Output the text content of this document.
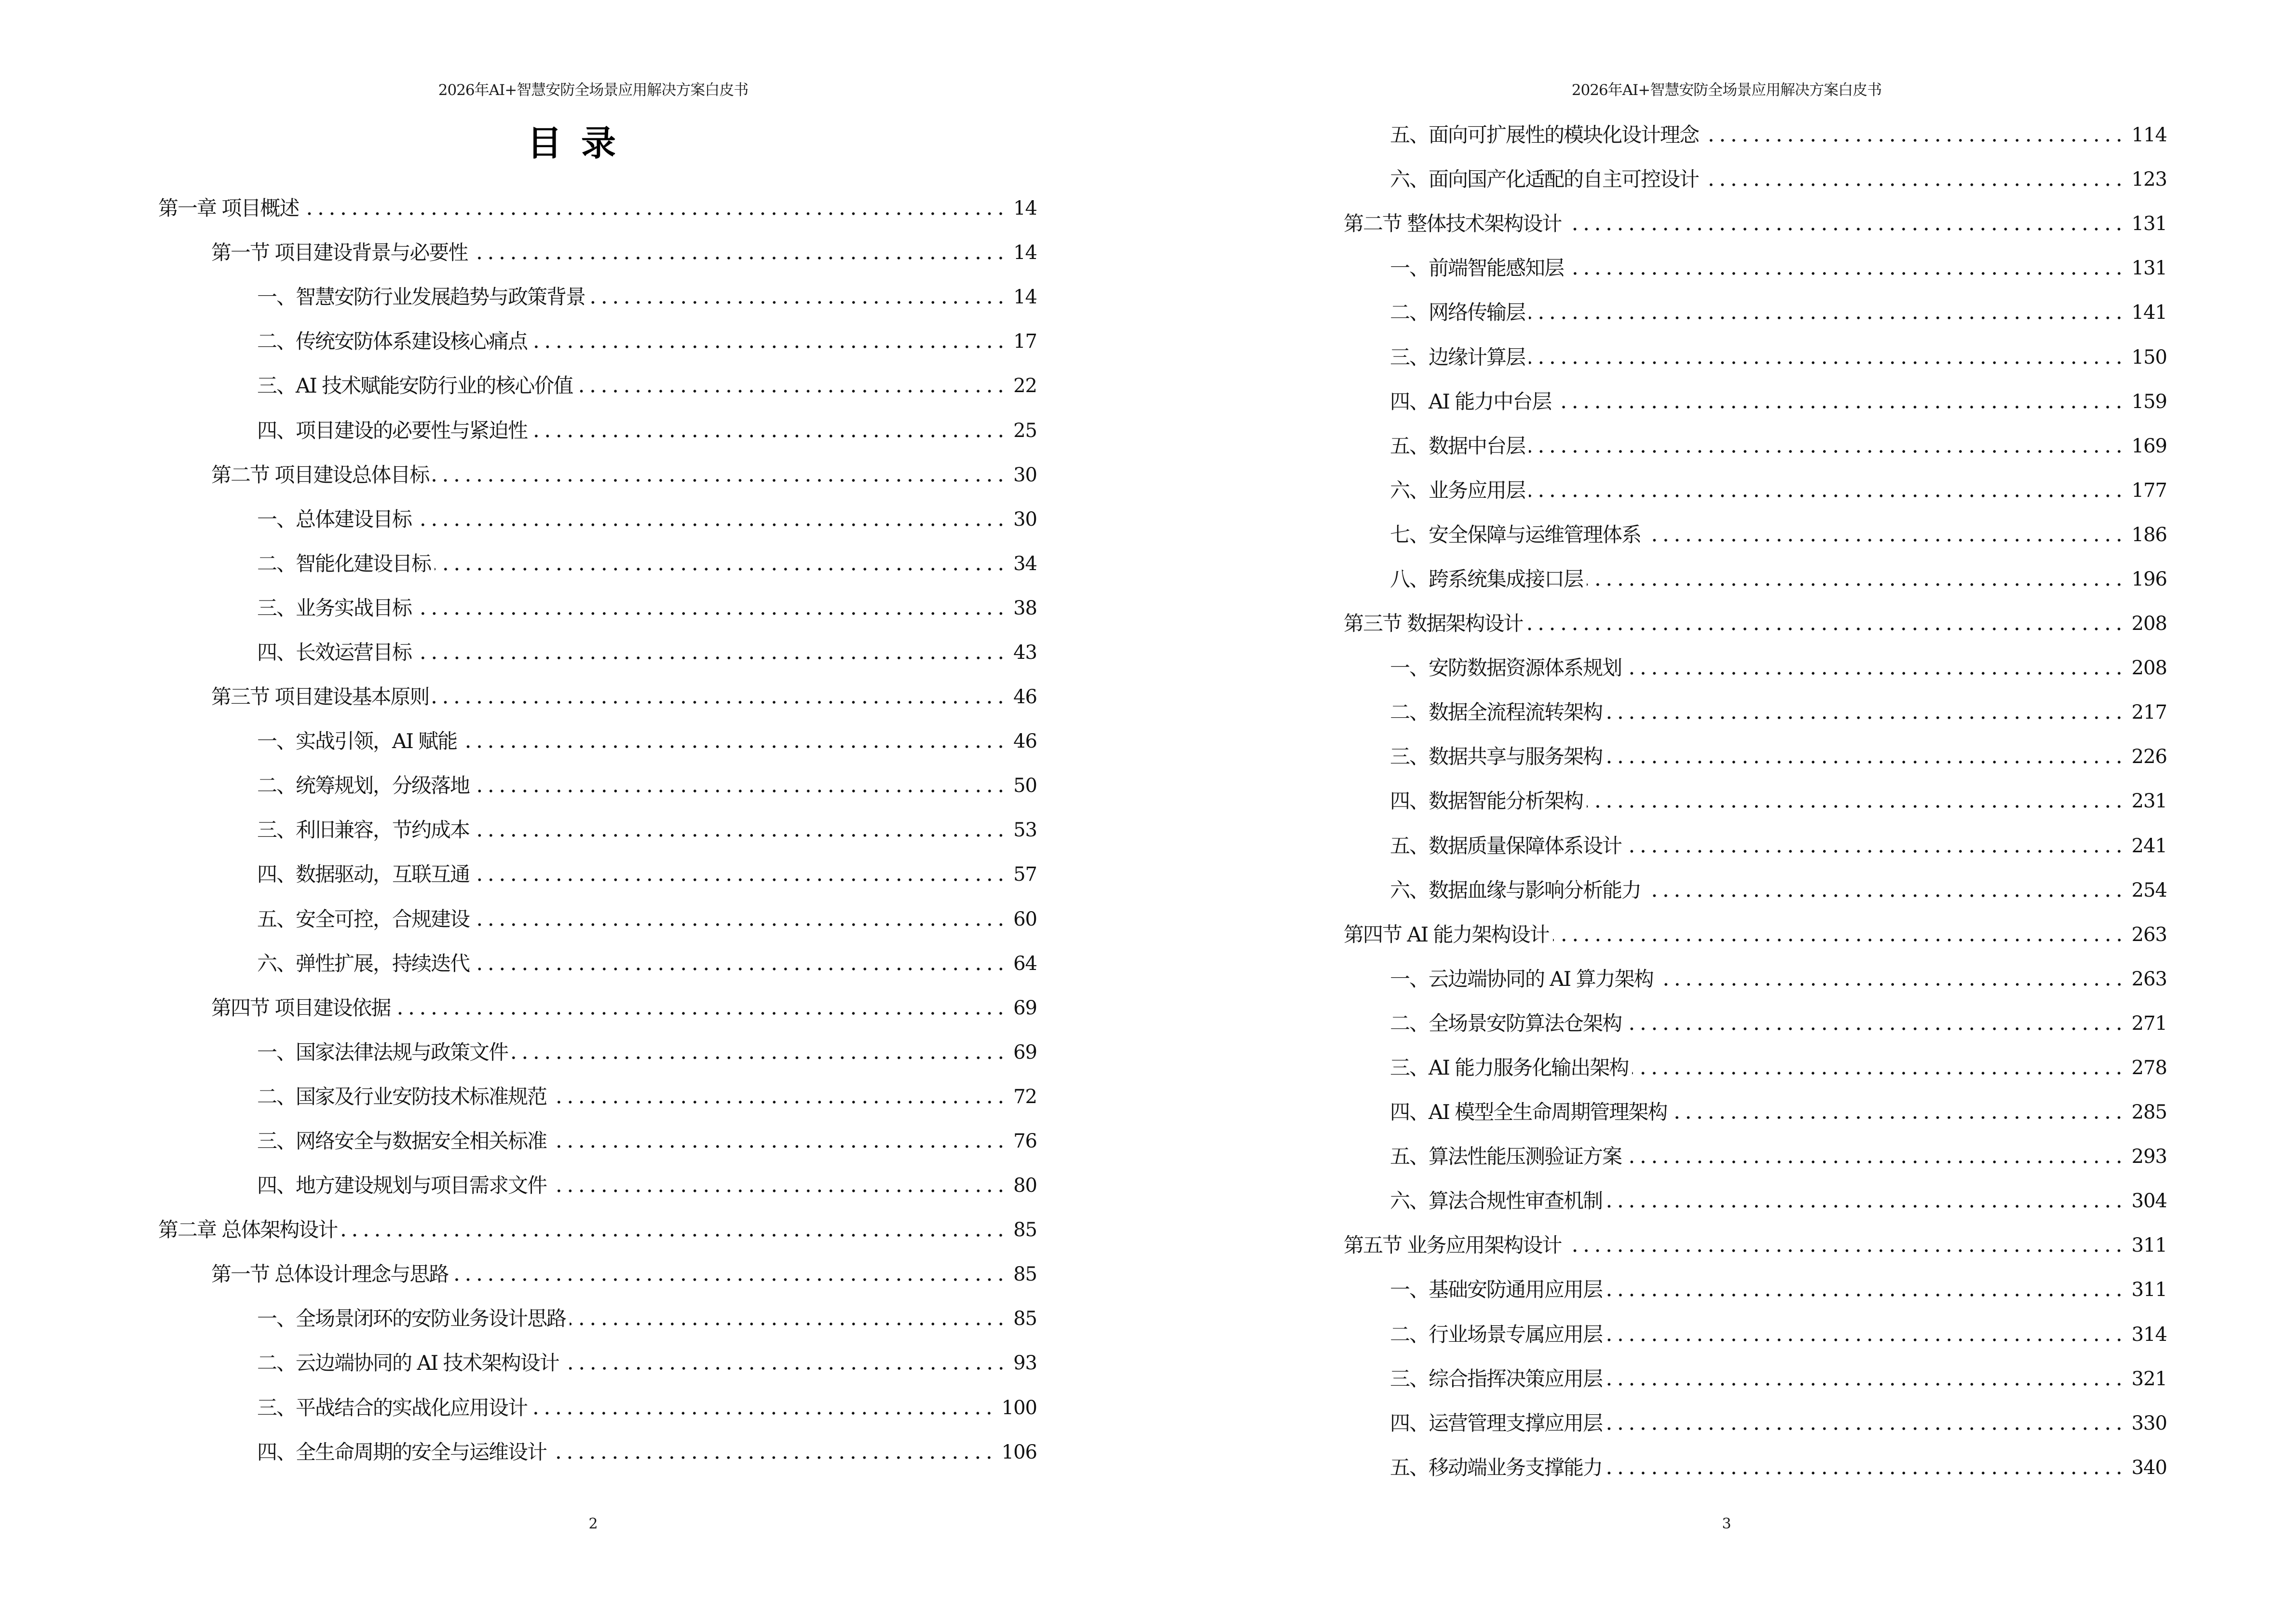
2026年AI+智慧安防全场景应用解决方案白皮书
目录
第一章 项目概述	14
第一节 项目建设背景与必要性	14
一、智慧安防行业发展趋势与政策背景	14
二、传统安防体系建设核心痛点	17
三、AI 技术赋能安防行业的核心价值	22
四、项目建设的必要性与紧迫性	25
第二节 项目建设总体目标	30
一、总体建设目标	30
二、智能化建设目标	34
三、业务实战目标	38
四、长效运营目标	43
第三节 项目建设基本原则	46
一、实战引领，AI 赋能	46
二、统筹规划，分级落地	50
三、利旧兼容，节约成本	53
四、数据驱动，互联互通	57
五、安全可控，合规建设	60
六、弹性扩展，持续迭代	64
第四节 项目建设依据	69
一、国家法律法规与政策文件	69
二、国家及行业安防技术标准规范	72
三、网络安全与数据安全相关标准	76
四、地方建设规划与项目需求文件	80
第二章 总体架构设计	85
第一节 总体设计理念与思路	85
一、全场景闭环的安防业务设计思路	85
二、云边端协同的 AI 技术架构设计	93
三、平战结合的实战化应用设计	100
四、全生命周期的安全与运维设计	106
2
2026年AI+智慧安防全场景应用解决方案白皮书
五、面向可扩展性的模块化设计理念	114
六、面向国产化适配的自主可控设计	123
第二节 整体技术架构设计	131
一、前端智能感知层	131
二、网络传输层	141
三、边缘计算层	150
四、AI 能力中台层	159
五、数据中台层	169
六、业务应用层	177
七、安全保障与运维管理体系	186
八、跨系统集成接口层	196
第三节 数据架构设计	208
一、安防数据资源体系规划	208
二、数据全流程流转架构	217
三、数据共享与服务架构	226
四、数据智能分析架构	231
五、数据质量保障体系设计	241
六、数据血缘与影响分析能力	254
第四节 AI 能力架构设计	263
一、云边端协同的 AI 算力架构	263
二、全场景安防算法仓架构	271
三、AI 能力服务化输出架构	278
四、AI 模型全生命周期管理架构	285
五、算法性能压测验证方案	293
六、算法合规性审查机制	304
第五节 业务应用架构设计	311
一、基础安防通用应用层	311
二、行业场景专属应用层	314
三、综合指挥决策应用层	321
四、运营管理支撑应用层	330
五、移动端业务支撑能力	340
3
